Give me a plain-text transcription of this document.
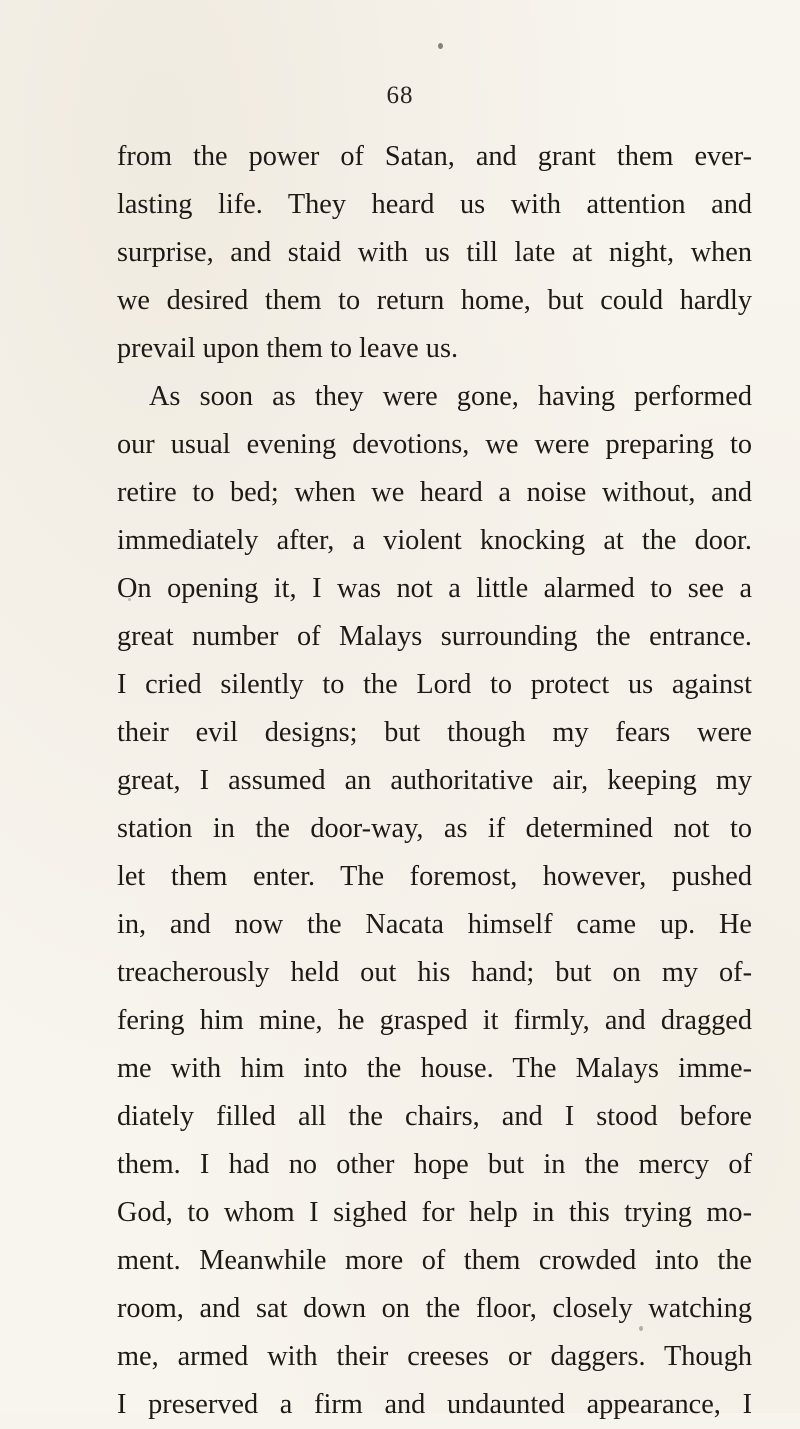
68
from the power of Satan, and grant them ever-
lasting life. They heard us with attention and
surprise, and staid with us till late at night, when
we desired them to return home, but could hardly
prevail upon them to leave us.
As soon as they were gone, having performed
our usual evening devotions, we were preparing to
retire to bed; when we heard a noise without, and
immediately after, a violent knocking at the door.
On opening it, I was not a little alarmed to see a
great number of Malays surrounding the entrance.
I cried silently to the Lord to protect us against
their evil designs; but though my fears were
great, I assumed an authoritative air, keeping my
station in the door-way, as if determined not to
let them enter. The foremost, however, pushed
in, and now the Nacata himself came up. He
treacherously held out his hand; but on my of-
fering him mine, he grasped it firmly, and dragged
me with him into the house. The Malays imme-
diately filled all the chairs, and I stood before
them. I had no other hope but in the mercy of
God, to whom I sighed for help in this trying mo-
ment. Meanwhile more of them crowded into the
room, and sat down on the floor, closely watching
me, armed with their creeses or daggers. Though
I preserved a firm and undaunted appearance, I
